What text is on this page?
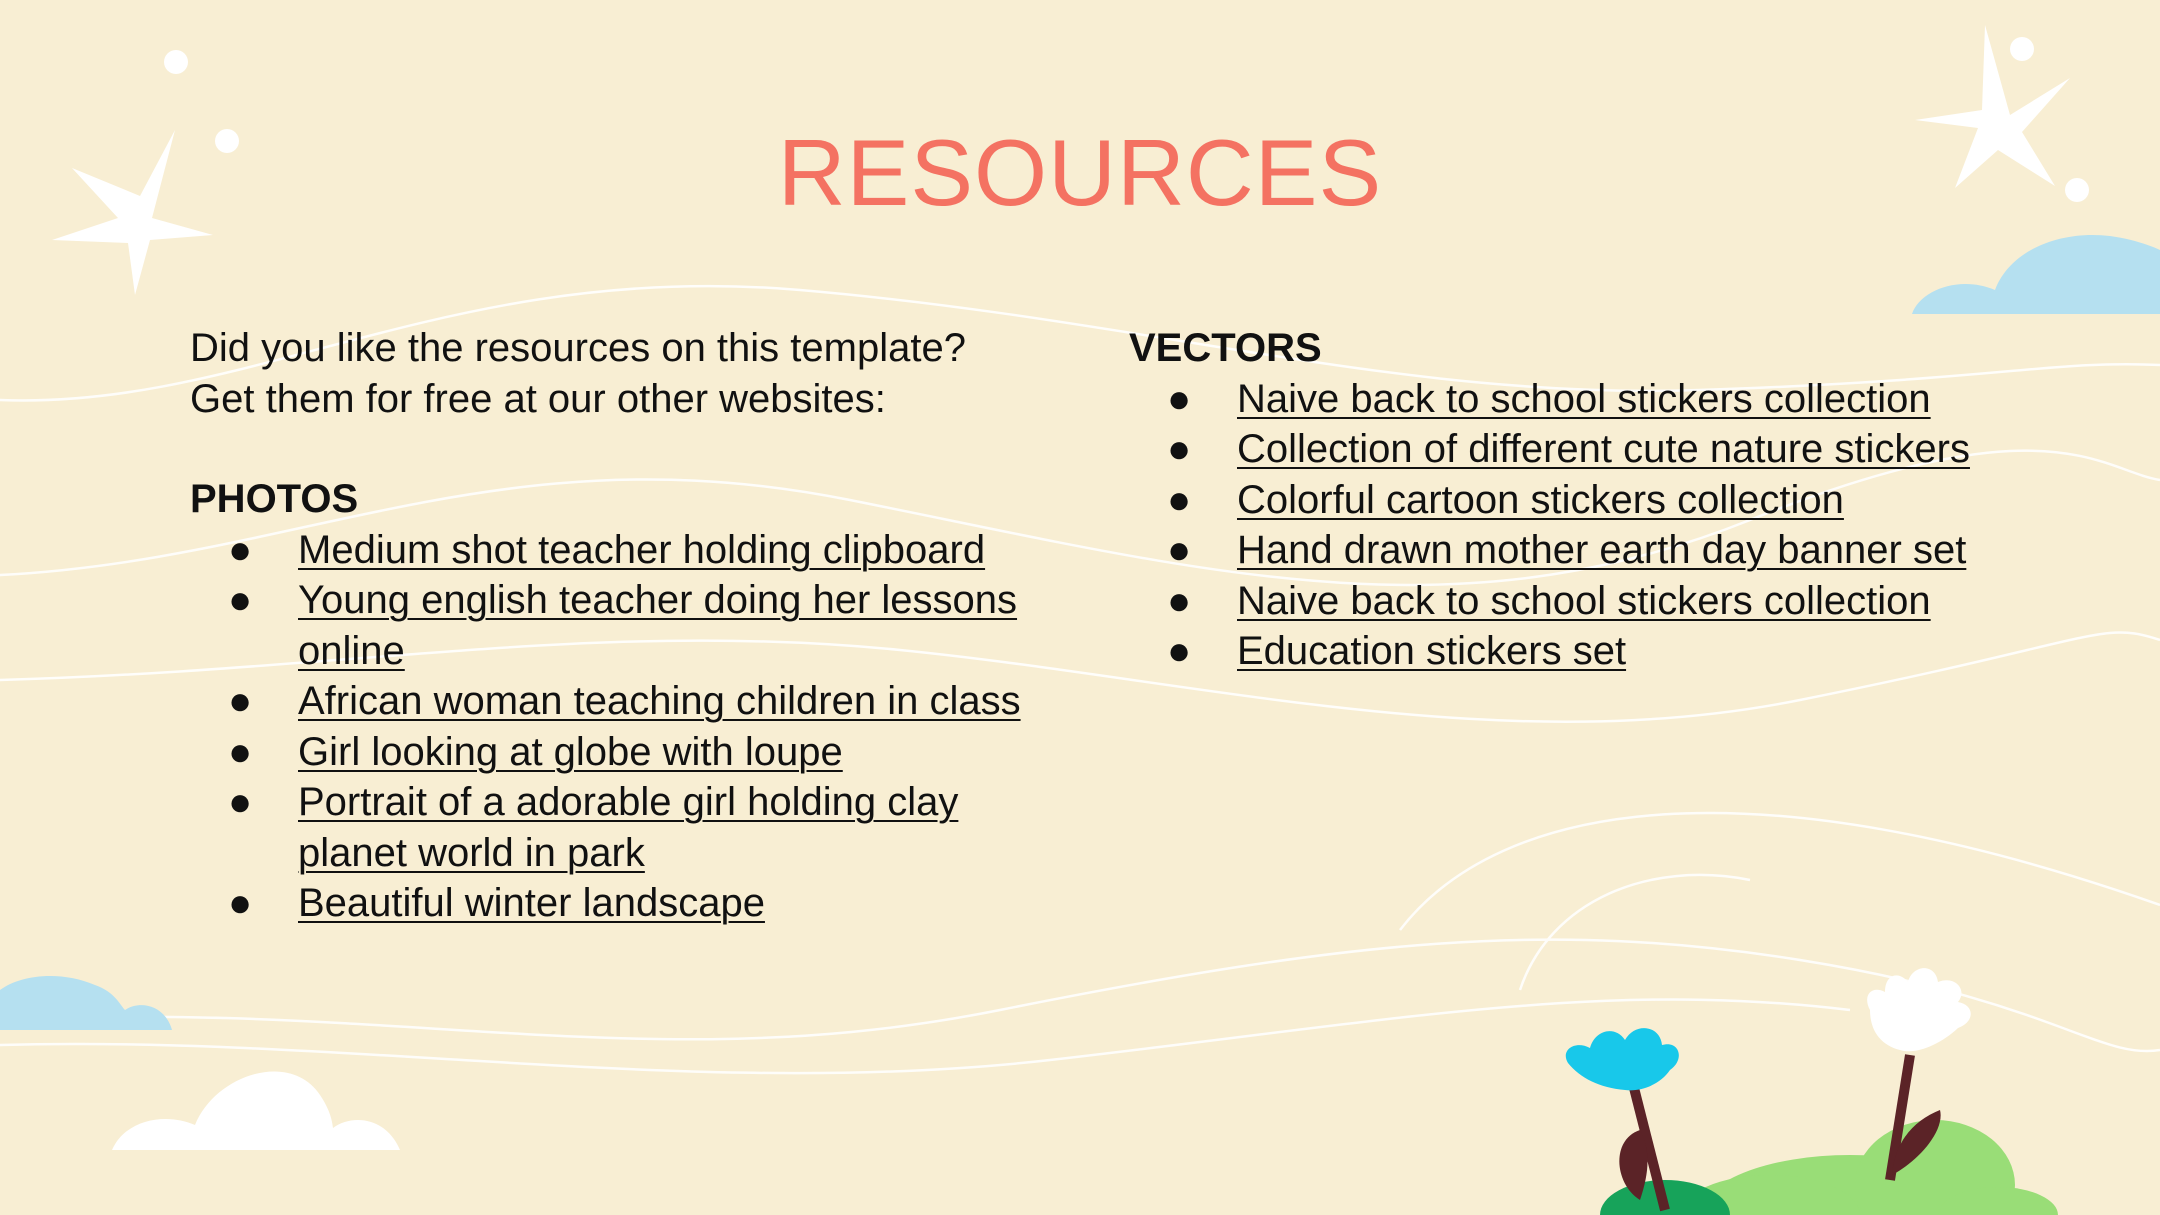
RESOURCES

Did you like the resources on this template?

Get them for free at our other websites:

PHOTOS

● Medium shot teacher holding clipboard
● Young english teacher doing her lessons online
● African woman teaching children in class
● Girl looking at globe with loupe
● Portrait of a adorable girl holding clay planet world in park
● Beautiful winter landscape

VECTORS

● Naive back to school stickers collection
● Collection of different cute nature stickers
● Colorful cartoon stickers collection
● Hand drawn mother earth day banner set
● Naive back to school stickers collection
● Education stickers set
